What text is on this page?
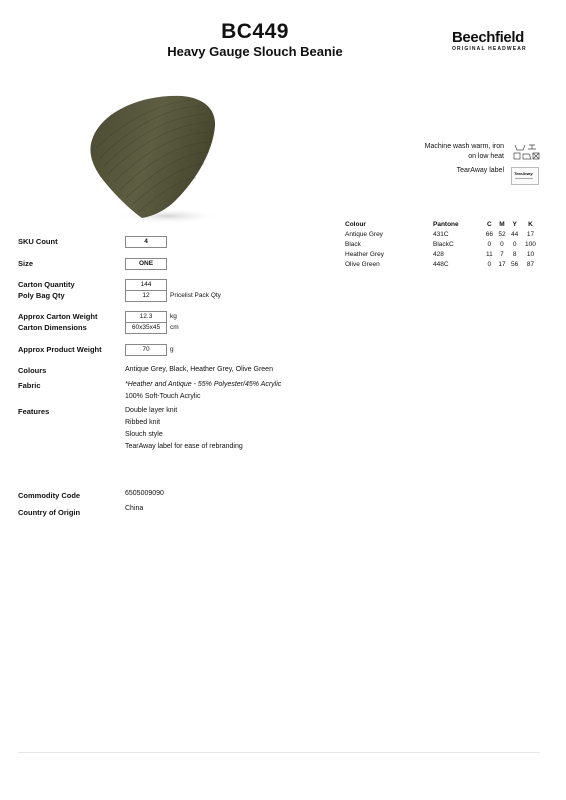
BC449
Heavy Gauge Slouch Beanie
Beechfield
ORIGINAL HEADWEAR
Machine wash warm, iron
on low heat
TearAway label	TearAway
Colour	Pantone	C	M	Y	K
Antique Grey	431C	66	52	44	17
Black	BlackC	0	0	0	100
Heather Grey	428	11	7	8	10
Olive Green	448C	0	17	56	87
SKU Count	4
Size	ONE
Carton Quantity	144
Poly Bag Qty	12	Pricelist Pack Qty
Approx Carton Weight	12.3	kg
Carton Dimensions	60x35x45	cm
Approx Product Weight	70	g
Colours	Antique Grey, Black, Heather Grey, Olive Green
Fabric	*Heather and Antique - 55% Polyester/45% Acrylic
100% Soft-Touch Acrylic
Features	Double layer knit
Ribbed knit
Slouch style
TearAway label for ease of rebranding
Commodity Code	6505009090
Country of Origin	China
